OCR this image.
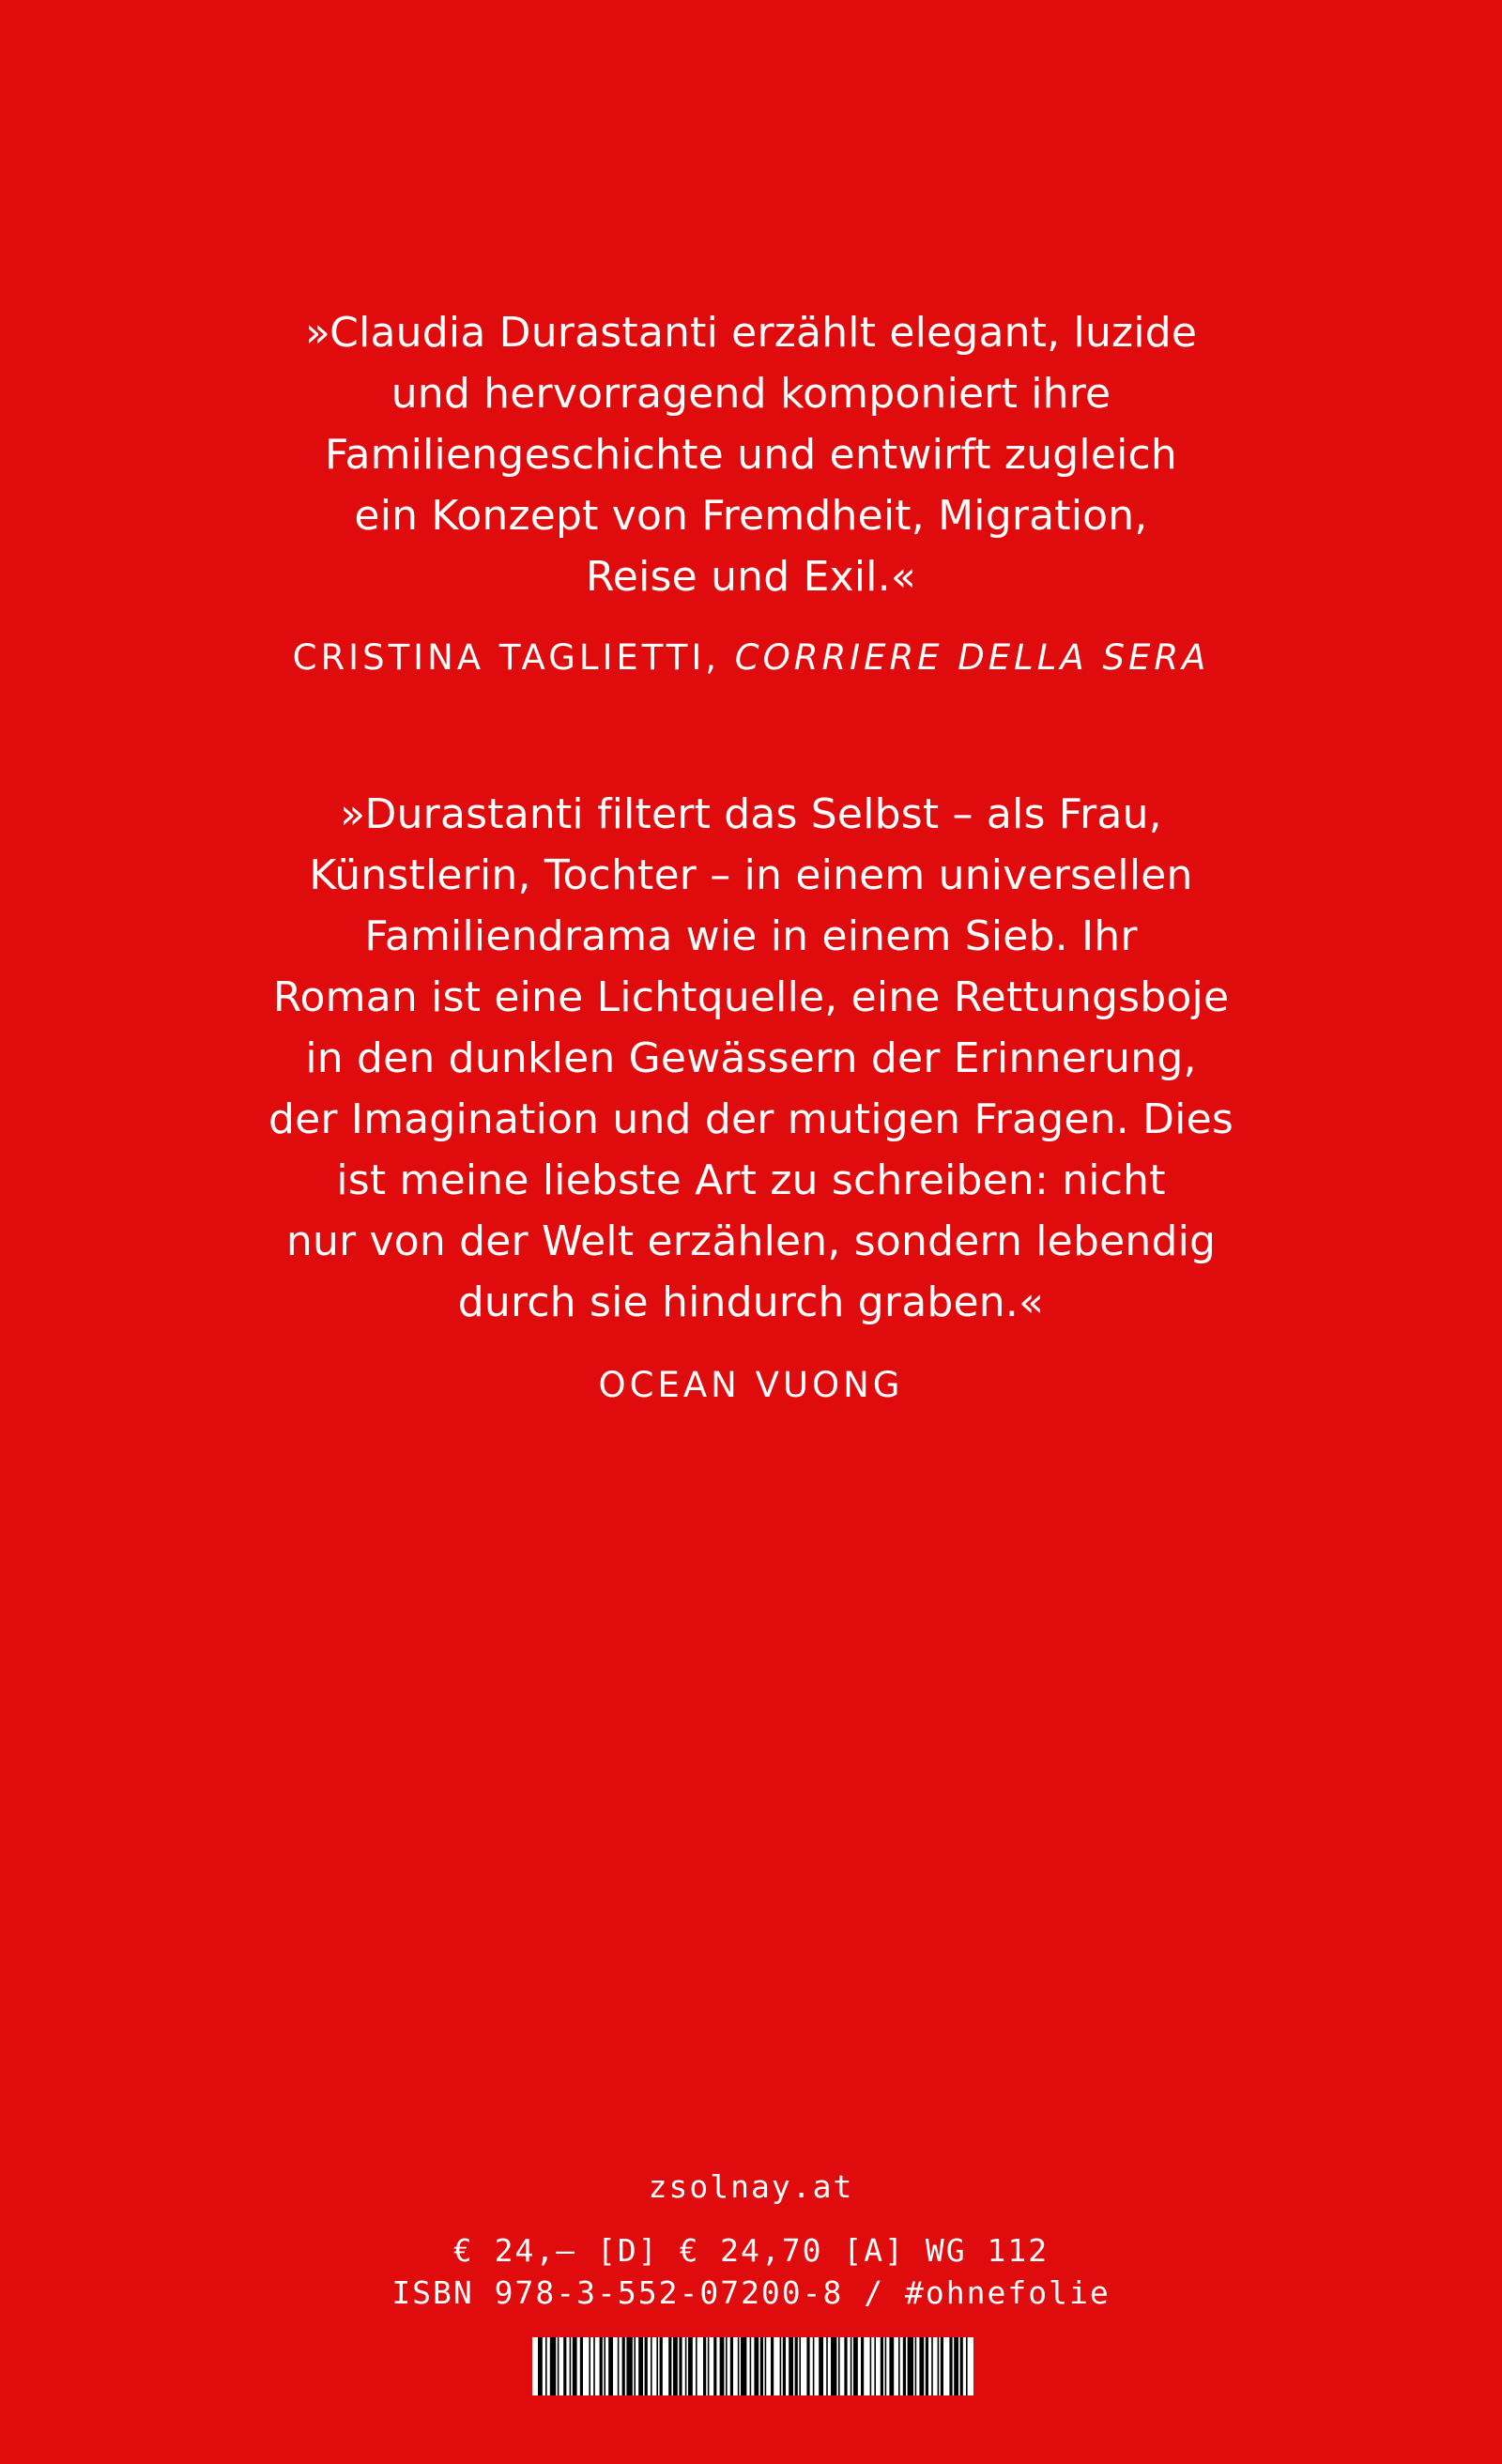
»Claudia Durastanti erzählt elegant, luzide
und hervorragend komponiert ihre
Familiengeschichte und entwirft zugleich
ein Konzept von Fremdheit, Migration,
Reise und Exil.«
CRISTINA TAGLIETTI, CORRIERE DELLA SERA
»Durastanti filtert das Selbst – als Frau,
Künstlerin, Tochter – in einem universellen
Familiendrama wie in einem Sieb. Ihr
Roman ist eine Lichtquelle, eine Rettungsboje
in den dunklen Gewässern der Erinnerung,
der Imagination und der mutigen Fragen. Dies
ist meine liebste Art zu schreiben: nicht
nur von der Welt erzählen, sondern lebendig
durch sie hindurch graben.«
OCEAN VUONG
zsolnay.at
€ 24,– [D] € 24,70 [A] WG 112
ISBN 978-3-552-07200-8 / #ohnefolie
